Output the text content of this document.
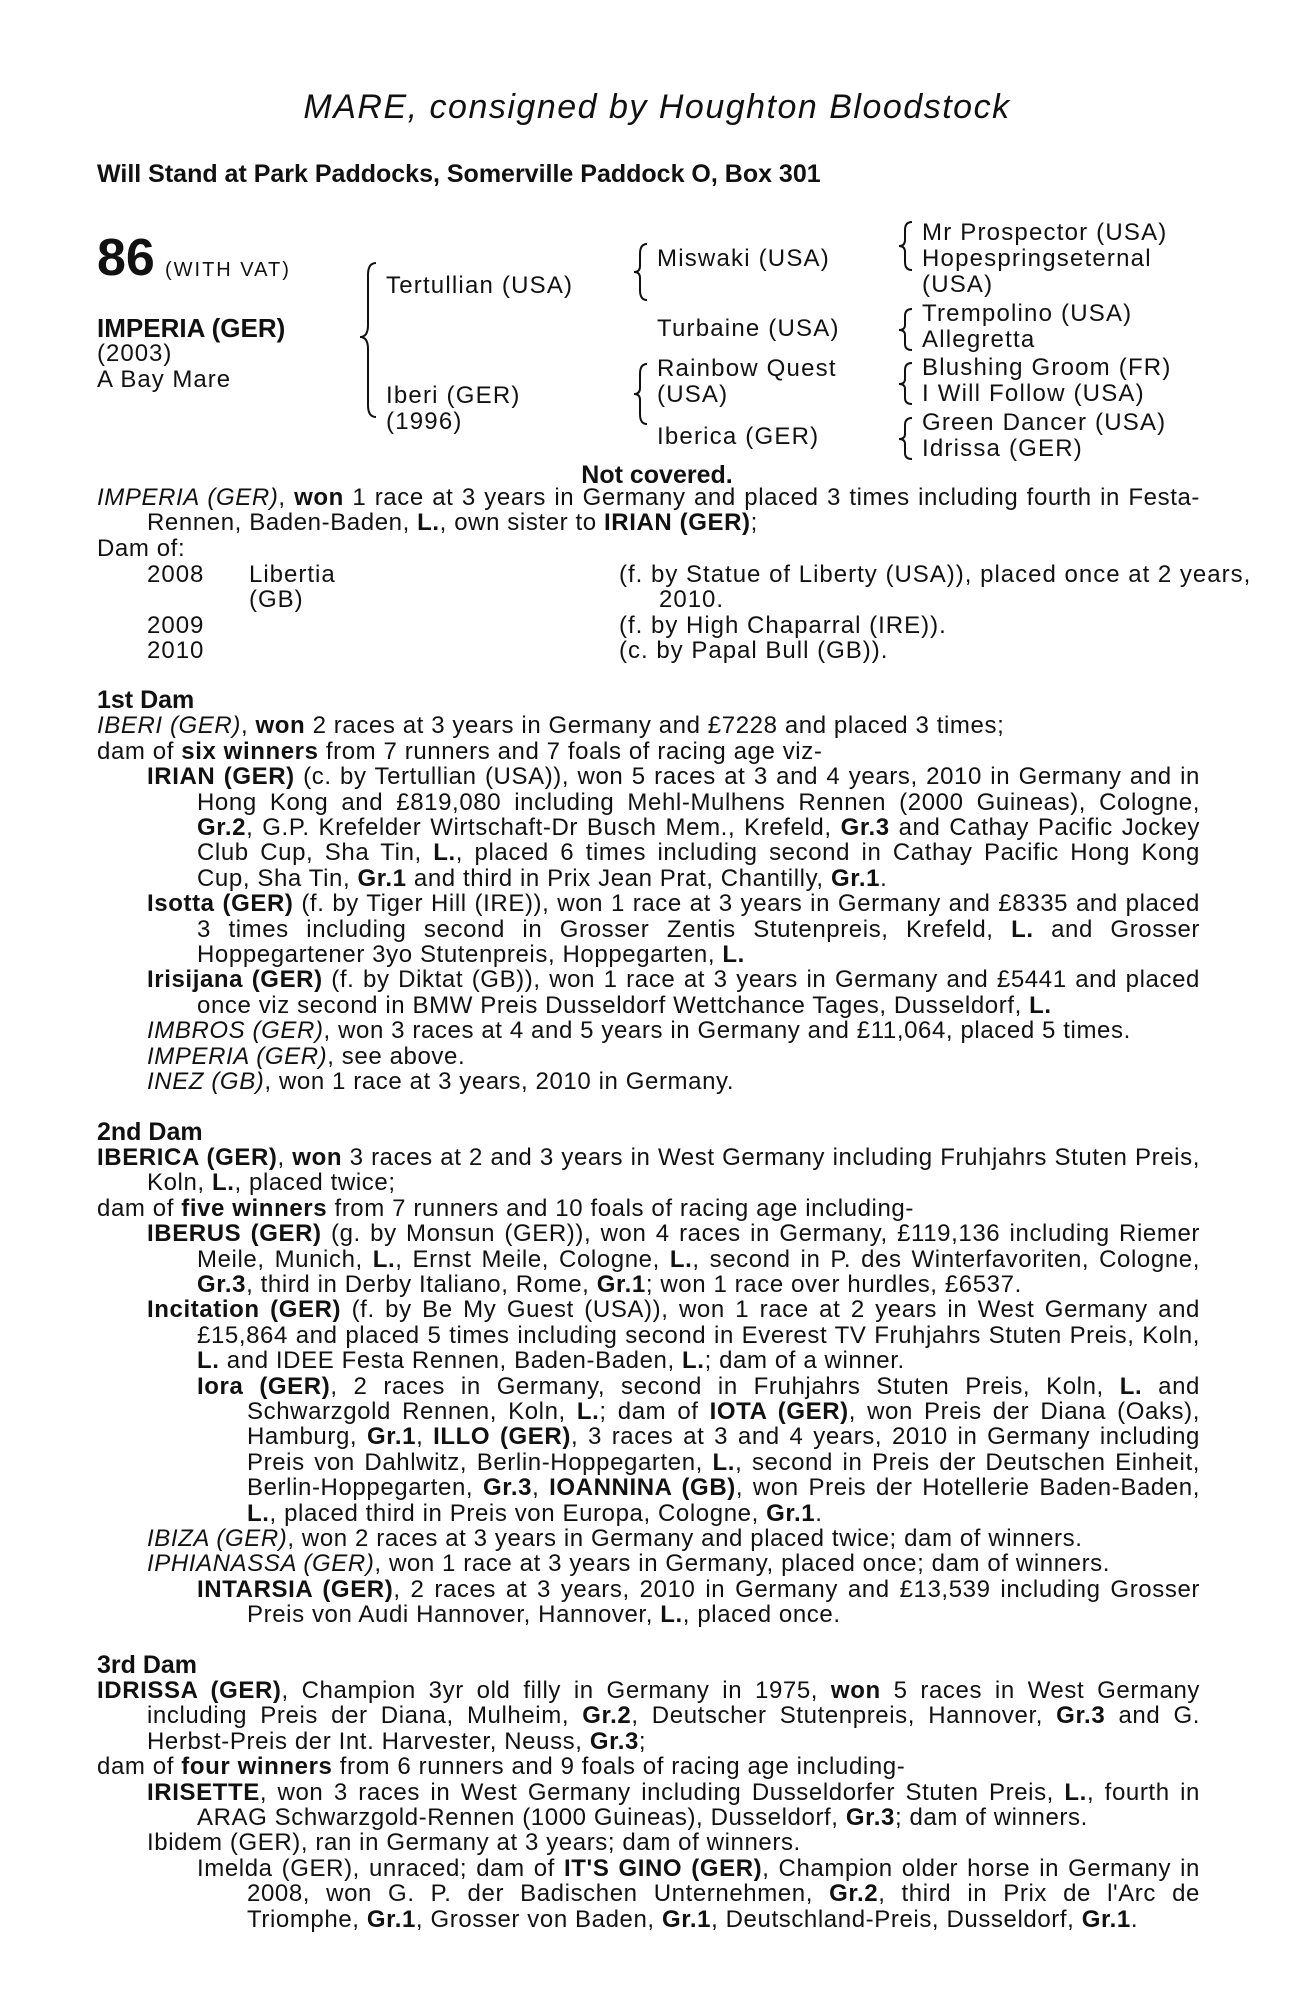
MARE, consigned by Houghton Bloodstock
Will Stand at Park Paddocks, Somerville Paddock O, Box 301
86 (WITH VAT)
IMPERIA (GER)
(2003)
A Bay Mare
Tertullian (USA)
Iberi (GER)
(1996)
Miswaki (USA)
Turbaine (USA)
Rainbow Quest (USA)
Iberica (GER)
Mr Prospector (USA)
Hopespringseternal (USA)
Trempolino (USA)
Allegretta
Blushing Groom (FR)
I Will Follow (USA)
Green Dancer (USA)
Idrissa (GER)
Not covered.

IMPERIA (GER), won 1 race at 3 years in Germany and placed 3 times including fourth in Festa-Rennen, Baden-Baden, L., own sister to IRIAN (GER);

Dam of:

2008 Libertia (GB)
(f. by Statue of Liberty (USA)), placed once at 2 years, 2010.
2009	(f. by High Chaparral (IRE)).
2010	(c. by Papal Bull (GB)).

1st Dam

IBERI (GER), won 2 races at 3 years in Germany and £7228 and placed 3 times;

dam of six winners from 7 runners and 7 foals of racing age viz-

IRIAN (GER) (c. by Tertullian (USA)), won 5 races at 3 and 4 years, 2010 in Germany and in Hong Kong and £819,080 including Mehl-Mulhens Rennen (2000 Guineas), Cologne, Gr.2, G.P. Krefelder Wirtschaft-Dr Busch Mem., Krefeld, Gr.3 and Cathay Pacific Jockey Club Cup, Sha Tin, L., placed 6 times including second in Cathay Pacific Hong Kong Cup, Sha Tin, Gr.1 and third in Prix Jean Prat, Chantilly, Gr.1.

Isotta (GER) (f. by Tiger Hill (IRE)), won 1 race at 3 years in Germany and £8335 and placed 3 times including second in Grosser Zentis Stutenpreis, Krefeld, L. and Grosser Hoppegartener 3yo Stutenpreis, Hoppegarten, L.

Irisijana (GER) (f. by Diktat (GB)), won 1 race at 3 years in Germany and £5441 and placed once viz second in BMW Preis Dusseldorf Wettchance Tages, Dusseldorf, L.

IMBROS (GER), won 3 races at 4 and 5 years in Germany and £11,064, placed 5 times.

IMPERIA (GER), see above.

INEZ (GB), won 1 race at 3 years, 2010 in Germany.

2nd Dam

IBERICA (GER), won 3 races at 2 and 3 years in West Germany including Fruhjahrs Stuten Preis, Koln, L., placed twice;

dam of five winners from 7 runners and 10 foals of racing age including-

IBERUS (GER) (g. by Monsun (GER)), won 4 races in Germany, £119,136 including Riemer Meile, Munich, L., Ernst Meile, Cologne, L., second in P. des Winterfavoriten, Cologne, Gr.3, third in Derby Italiano, Rome, Gr.1; won 1 race over hurdles, £6537.

Incitation (GER) (f. by Be My Guest (USA)), won 1 race at 2 years in West Germany and £15,864 and placed 5 times including second in Everest TV Fruhjahrs Stuten Preis, Koln, L. and IDEE Festa Rennen, Baden-Baden, L.; dam of a winner.

Iora (GER), 2 races in Germany, second in Fruhjahrs Stuten Preis, Koln, L. and Schwarzgold Rennen, Koln, L.; dam of IOTA (GER), won Preis der Diana (Oaks), Hamburg, Gr.1, ILLO (GER), 3 races at 3 and 4 years, 2010 in Germany including Preis von Dahlwitz, Berlin-Hoppegarten, L., second in Preis der Deutschen Einheit, Berlin-Hoppegarten, Gr.3, IOANNINA (GB), won Preis der Hotellerie Baden-Baden, L., placed third in Preis von Europa, Cologne, Gr.1.

IBIZA (GER), won 2 races at 3 years in Germany and placed twice; dam of winners.

IPHIANASSA (GER), won 1 race at 3 years in Germany, placed once; dam of winners.

INTARSIA (GER), 2 races at 3 years, 2010 in Germany and £13,539 including Grosser Preis von Audi Hannover, Hannover, L., placed once.

3rd Dam

IDRISSA (GER), Champion 3yr old filly in Germany in 1975, won 5 races in West Germany including Preis der Diana, Mulheim, Gr.2, Deutscher Stutenpreis, Hannover, Gr.3 and G. Herbst-Preis der Int. Harvester, Neuss, Gr.3;

dam of four winners from 6 runners and 9 foals of racing age including-

IRISETTE, won 3 races in West Germany including Dusseldorfer Stuten Preis, L., fourth in ARAG Schwarzgold-Rennen (1000 Guineas), Dusseldorf, Gr.3; dam of winners.

Ibidem (GER), ran in Germany at 3 years; dam of winners.

Imelda (GER), unraced; dam of IT'S GINO (GER), Champion older horse in Germany in 2008, won G. P. der Badischen Unternehmen, Gr.2, third in Prix de l'Arc de Triomphe, Gr.1, Grosser von Baden, Gr.1, Deutschland-Preis, Dusseldorf, Gr.1.
